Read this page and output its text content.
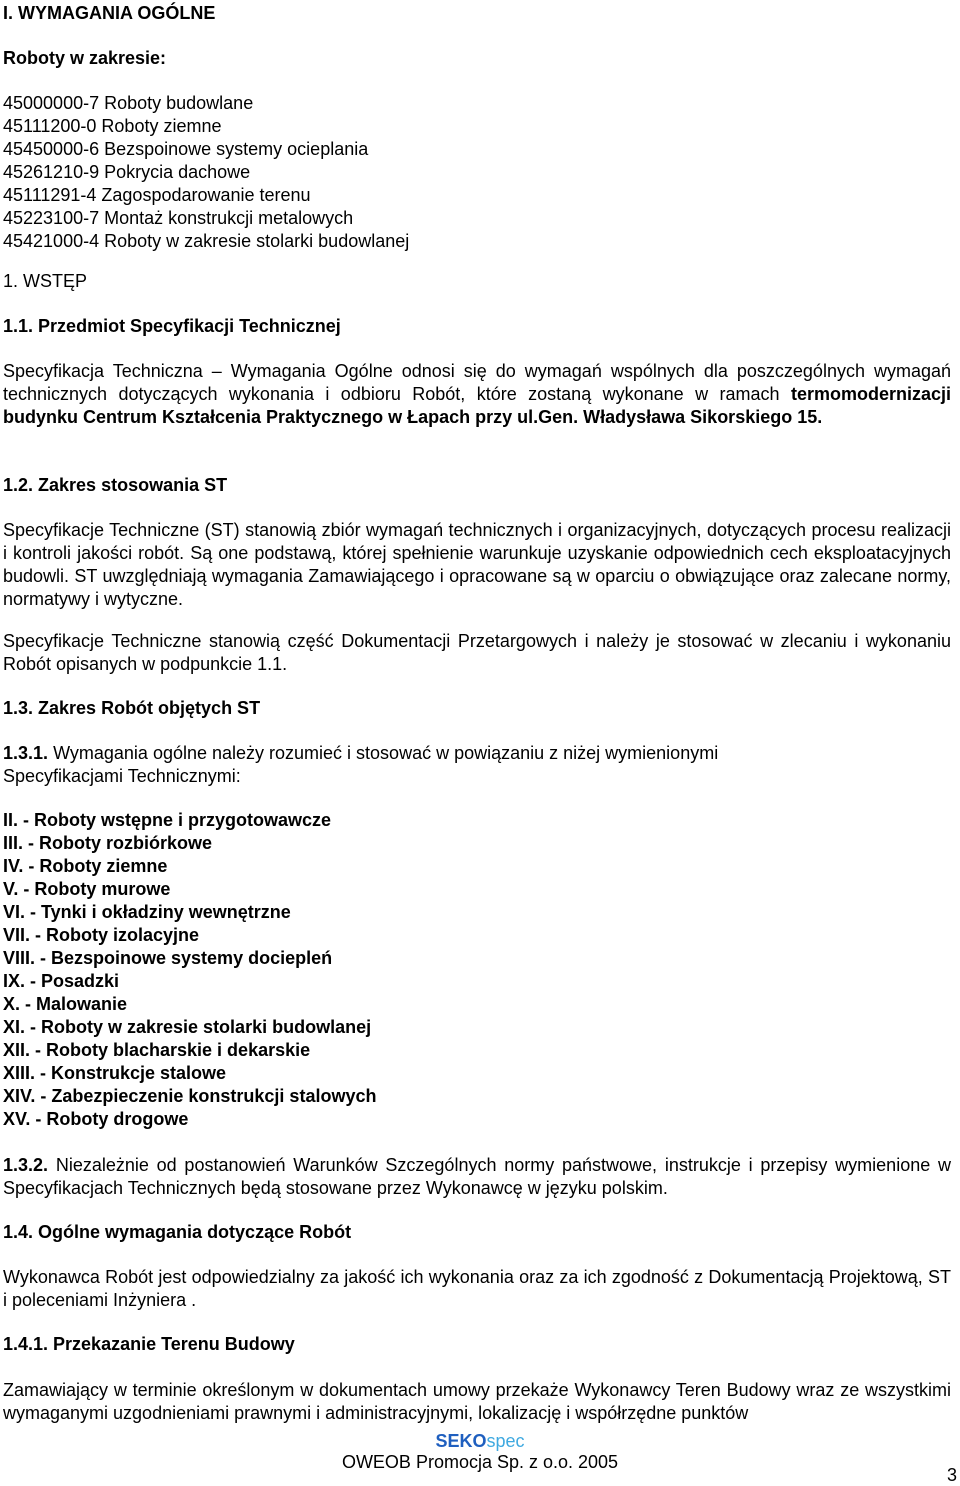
I. WYMAGANIA OGÓLNE
Roboty w zakresie:
45000000-7 Roboty budowlane
45111200-0 Roboty ziemne
45450000-6 Bezspoinowe systemy ocieplania
45261210-9 Pokrycia dachowe
45111291-4 Zagospodarowanie terenu
45223100-7 Montaż konstrukcji metalowych
45421000-4 Roboty w zakresie stolarki budowlanej
1. WSTĘP
1.1. Przedmiot Specyfikacji Technicznej
Specyfikacja Techniczna – Wymagania Ogólne odnosi się do wymagań wspólnych dla poszczególnych wymagań technicznych dotyczących wykonania i odbioru Robót, które zostaną wykonane w ramach termomodernizacji budynku Centrum Kształcenia Praktycznego w Łapach przy ul.Gen. Władysława Sikorskiego 15.
1.2. Zakres stosowania ST
Specyfikacje Techniczne (ST) stanowią zbiór wymagań technicznych i organizacyjnych, dotyczących procesu realizacji i kontroli jakości robót. Są one podstawą, której spełnienie warunkuje uzyskanie odpowiednich cech eksploatacyjnych budowli. ST uwzględniają wymagania Zamawiającego i opracowane są w oparciu o obwiązujące oraz zalecane normy, normatywy i wytyczne.
Specyfikacje Techniczne stanowią część Dokumentacji Przetargowych i należy je stosować w zlecaniu i wykonaniu Robót opisanych w podpunkcie 1.1.
1.3. Zakres Robót objętych ST
1.3.1. Wymagania ogólne należy rozumieć i stosować w powiązaniu z niżej wymienionymi
Specyfikacjami Technicznymi:
II. - Roboty wstępne i przygotowawcze
III. - Roboty rozbiórkowe
IV. - Roboty ziemne
V. - Roboty murowe
VI. - Tynki i okładziny wewnętrzne
VII. - Roboty izolacyjne
VIII. - Bezspoinowe systemy dociepleń
IX. - Posadzki
X. - Malowanie
XI. - Roboty w zakresie stolarki budowlanej
XII. - Roboty blacharskie i dekarskie
XIII. - Konstrukcje stalowe
XIV. - Zabezpieczenie konstrukcji stalowych
XV. - Roboty drogowe
1.3.2. Niezależnie od postanowień Warunków Szczególnych normy państwowe, instrukcje i przepisy wymienione w Specyfikacjach Technicznych będą stosowane przez Wykonawcę w języku polskim.
1.4. Ogólne wymagania dotyczące Robót
Wykonawca Robót jest odpowiedzialny za jakość ich wykonania oraz za ich zgodność z Dokumentacją Projektową, ST i poleceniami Inżyniera .
1.4.1. Przekazanie Terenu Budowy
Zamawiający w terminie określonym w dokumentach umowy przekaże Wykonawcy Teren Budowy wraz ze wszystkimi wymaganymi uzgodnieniami prawnymi i administracyjnymi, lokalizację i współrzędne punktów
SEKOspec
OWEOB Promocja Sp. z o.o. 2005
3
